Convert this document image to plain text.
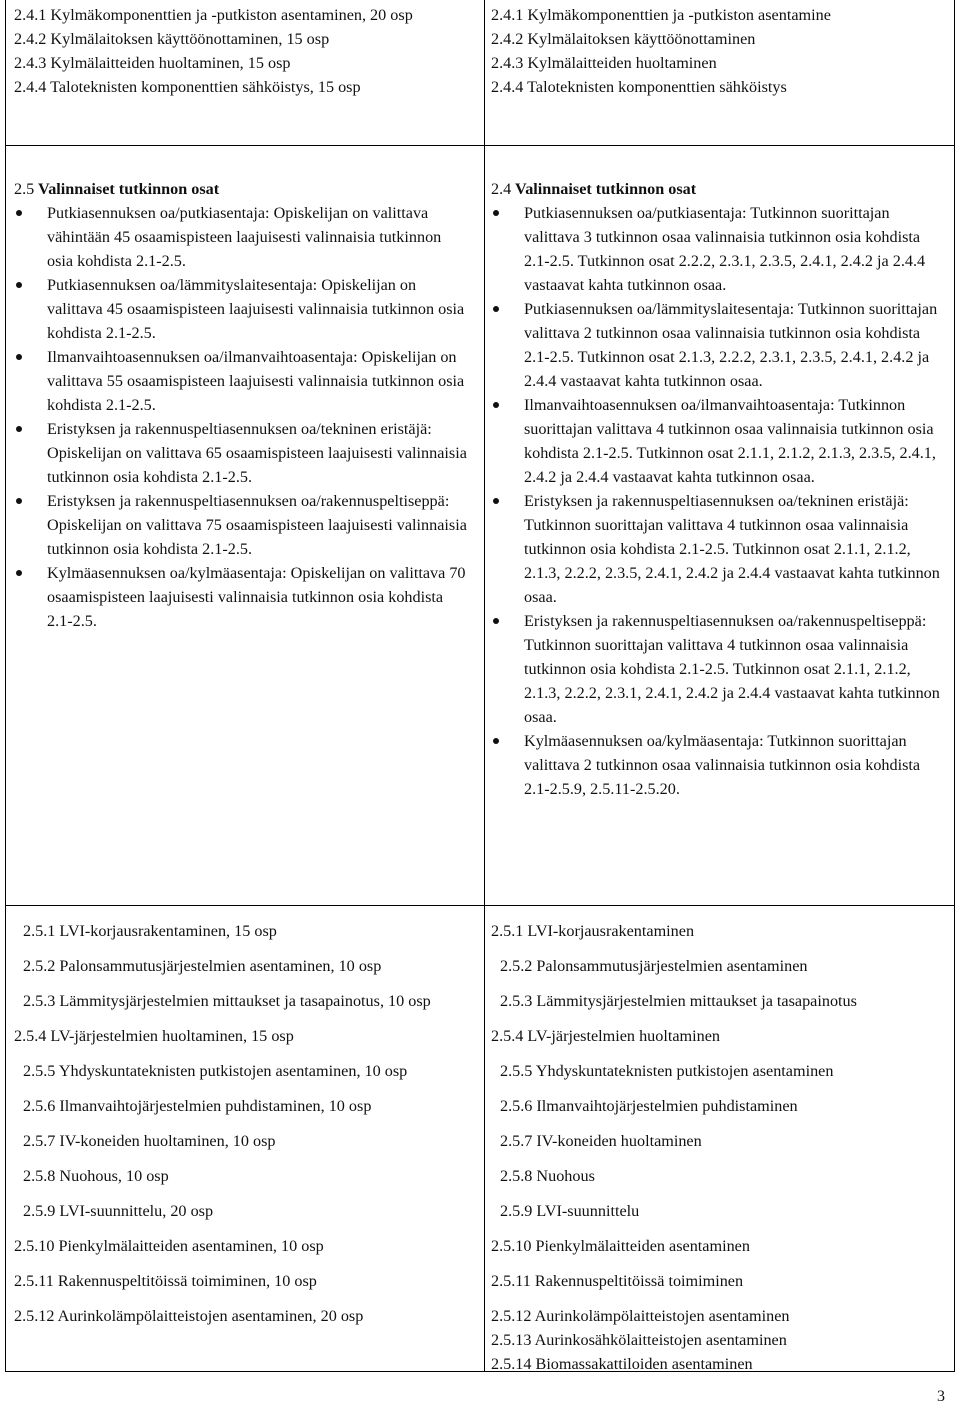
2.4.1 Kylmäkomponenttien ja -putkiston asentaminen, 20 osp
2.4.2 Kylmälaitoksen käyttöönottaminen, 15 osp
2.4.3 Kylmälaitteiden huoltaminen, 15 osp
2.4.4 Taloteknisten komponenttien sähköistys, 15 osp
2.4.1 Kylmäkomponenttien ja -putkiston asentamine
2.4.2 Kylmälaitoksen käyttöönottaminen
2.4.3 Kylmälaitteiden huoltaminen
2.4.4 Taloteknisten komponenttien sähköistys
2.5 Valinnaiset tutkinnon osat
Putkiasennuksen oa/putkiasentaja: Opiskelijan on valittava vähintään 45 osaamispisteen laajuisesti valinnaisia tutkinnon osia kohdista 2.1-2.5.
Putkiasennuksen oa/lämmityslaitesentaja: Opiskelijan on valittava 45 osaamispisteen laajuisesti valinnaisia tutkinnon osia kohdista 2.1-2.5.
Ilmanvaihtoasennuksen oa/ilmanvaihtoasentaja: Opiskelijan on valittava 55 osaamispisteen laajuisesti valinnaisia tutkinnon osia kohdista 2.1-2.5.
Eristyksen ja rakennuspeltiasennuksen oa/tekninen eristäjä: Opiskelijan on valittava 65 osaamispisteen laajuisesti valinnaisia tutkinnon osia kohdista 2.1-2.5.
Eristyksen ja rakennuspeltiasennuksen oa/rakennuspeltiseppä: Opiskelijan on valittava 75 osaamispisteen laajuisesti valinnaisia tutkinnon osia kohdista 2.1-2.5.
Kylmäasennuksen oa/kylmäasentaja: Opiskelijan on valittava 70 osaamispisteen laajuisesti valinnaisia tutkinnon osia kohdista 2.1-2.5.
2.4 Valinnaiset tutkinnon osat
Putkiasennuksen oa/putkiasentaja: Tutkinnon suorittajan valittava 3 tutkinnon osaa valinnaisia tutkinnon osia kohdista 2.1-2.5. Tutkinnon osat 2.2.2, 2.3.1, 2.3.5, 2.4.1, 2.4.2 ja 2.4.4 vastaavat kahta tutkinnon osaa.
Putkiasennuksen oa/lämmityslaitesentaja: Tutkinnon suorittajan valittava 2 tutkinnon osaa valinnaisia tutkinnon osia kohdista 2.1-2.5. Tutkinnon osat 2.1.3, 2.2.2, 2.3.1, 2.3.5, 2.4.1, 2.4.2 ja 2.4.4 vastaavat kahta tutkinnon osaa.
Ilmanvaihtoasennuksen oa/ilmanvaihtoasentaja: Tutkinnon suorittajan valittava 4 tutkinnon osaa valinnaisia tutkinnon osia kohdista 2.1-2.5. Tutkinnon osat 2.1.1, 2.1.2, 2.1.3, 2.3.5, 2.4.1, 2.4.2 ja 2.4.4 vastaavat kahta tutkinnon osaa.
Eristyksen ja rakennuspeltiasennuksen oa/tekninen eristäjä: Tutkinnon suorittajan valittava 4 tutkinnon osaa valinnaisia tutkinnon osia kohdista 2.1-2.5. Tutkinnon osat 2.1.1, 2.1.2, 2.1.3, 2.2.2, 2.3.5, 2.4.1, 2.4.2 ja 2.4.4 vastaavat kahta tutkinnon osaa.
Eristyksen ja rakennuspeltiasennuksen oa/rakennuspeltiseppä: Tutkinnon suorittajan valittava 4 tutkinnon osaa valinnaisia tutkinnon osia kohdista 2.1-2.5. Tutkinnon osat 2.1.1, 2.1.2, 2.1.3, 2.2.2, 2.3.1, 2.4.1, 2.4.2 ja 2.4.4 vastaavat kahta tutkinnon osaa.
Kylmäasennuksen oa/kylmäasentaja: Tutkinnon suorittajan valittava 2 tutkinnon osaa valinnaisia tutkinnon osia kohdista 2.1-2.5.9, 2.5.11-2.5.20.
2.5.1 LVI-korjausrakentaminen, 15 osp
2.5.2 Palonsammutusjärjestelmien asentaminen, 10 osp
2.5.3 Lämmitysjärjestelmien mittaukset ja tasapainotus, 10 osp
2.5.4 LV-järjestelmien huoltaminen, 15 osp
2.5.5 Yhdyskuntateknisten putkistojen asentaminen, 10 osp
2.5.6 Ilmanvaihtojärjestelmien puhdistaminen, 10 osp
2.5.7 IV-koneiden huoltaminen, 10 osp
2.5.8 Nuohous, 10 osp
2.5.9 LVI-suunnittelu, 20 osp
2.5.10 Pienkylmälaitteiden asentaminen, 10 osp
2.5.11 Rakennuspeltitöissä toimiminen, 10 osp
2.5.12 Aurinkolämpölaitteistojen asentaminen, 20 osp
2.5.1 LVI-korjausrakentaminen
2.5.2 Palonsammutusjärjestelmien asentaminen
2.5.3 Lämmitysjärjestelmien mittaukset ja tasapainotus
2.5.4 LV-järjestelmien huoltaminen
2.5.5 Yhdyskuntateknisten putkistojen asentaminen
2.5.6 Ilmanvaihtojärjestelmien puhdistaminen
2.5.7 IV-koneiden huoltaminen
2.5.8 Nuohous
2.5.9 LVI-suunnittelu
2.5.10 Pienkylmälaitteiden asentaminen
2.5.11 Rakennuspeltitöissä toimiminen
2.5.12 Aurinkolämpölaitteistojen asentaminen
2.5.13 Aurinkosähkölaitteistojen asentaminen
2.5.14 Biomassakattiloiden asentaminen
3
